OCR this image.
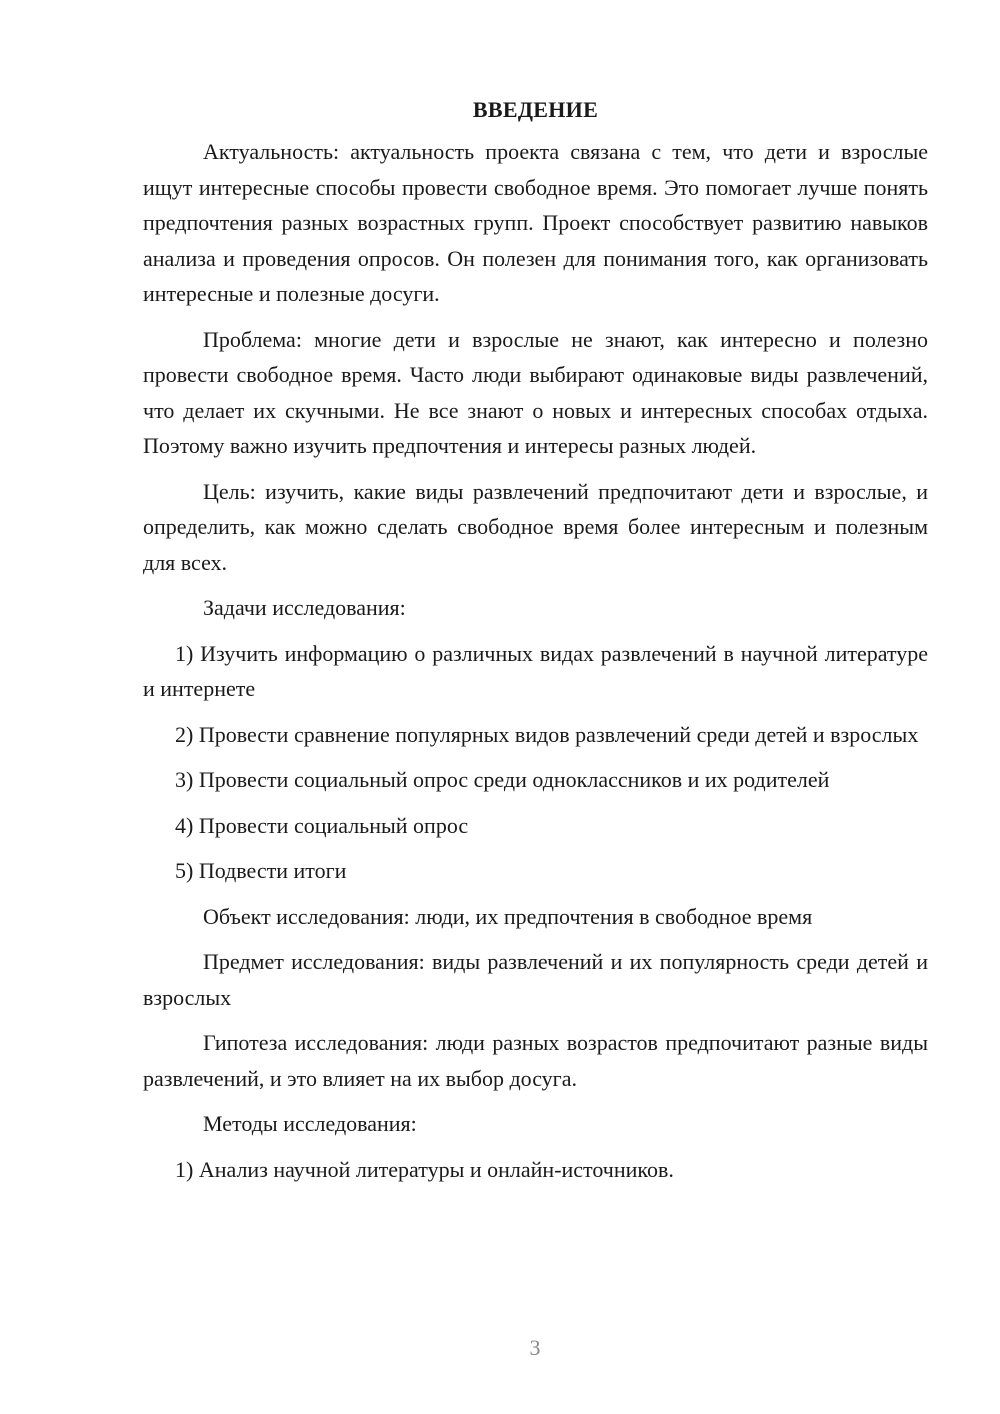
ВВЕДЕНИЕ
Актуальность: актуальность проекта связана с тем, что дети и взрослые ищут интересные способы провести свободное время. Это помогает лучше понять предпочтения разных возрастных групп. Проект способствует развитию навыков анализа и проведения опросов. Он полезен для понимания того, как организовать интересные и полезные досуги.
Проблема: многие дети и взрослые не знают, как интересно и полезно провести свободное время. Часто люди выбирают одинаковые виды развлечений, что делает их скучными. Не все знают о новых и интересных способах отдыха. Поэтому важно изучить предпочтения и интересы разных людей.
Цель: изучить, какие виды развлечений предпочитают дети и взрослые, и определить, как можно сделать свободное время более интересным и полезным для всех.
Задачи исследования:
1) Изучить информацию о различных видах развлечений в научной литературе и интернете
2) Провести сравнение популярных видов развлечений среди детей и взрослых
3) Провести социальный опрос среди одноклассников и их родителей
4) Провести социальный опрос
5) Подвести итоги
Объект исследования: люди, их предпочтения в свободное время
Предмет исследования: виды развлечений и их популярность среди детей и взрослых
Гипотеза исследования: люди разных возрастов предпочитают разные виды развлечений, и это влияет на их выбор досуга.
Методы исследования:
1) Анализ научной литературы и онлайн-источников.
3
